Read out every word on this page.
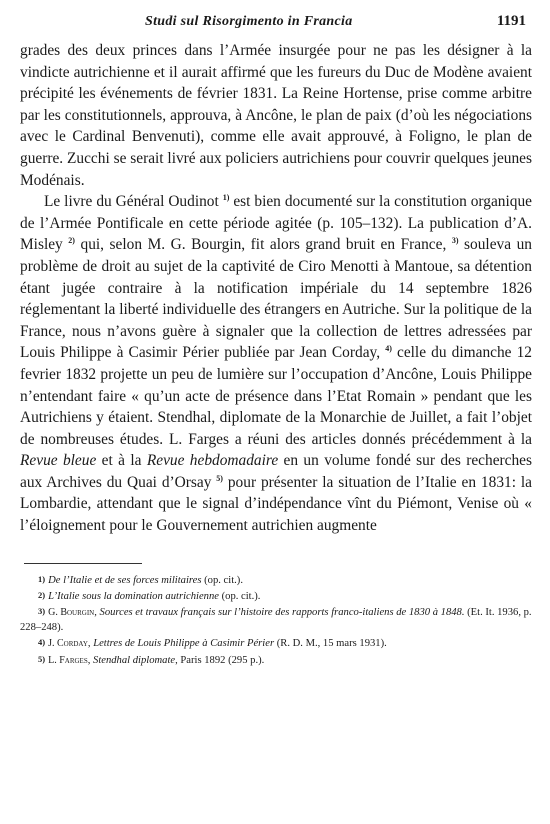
Studi sul Risorgimento in Francia	1191

grades des deux princes dans l’Armée insurgée pour ne pas les désigner à la vindicte autrichienne et il aurait affirmé que les fureurs du Duc de Modène avaient précipité les événements de février 1831. La Reine Hortense, prise comme arbitre par les constitutionnels, approuva, à Ancône, le plan de paix (d’où les négociations avec le Cardinal Benvenuti), comme elle avait approuvé, à Foligno, le plan de guerre. Zucchi se serait livré aux policiers autrichiens pour couvrir quelques jeunes Modénais.

Le livre du Général Oudinot $^{1)}$ est bien documenté sur la constitution organique de l’Armée Pontificale en cette période agitée (p. 105–132). La publication d’A. Misley $^{2)}$ qui, selon M. G. Bourgin, fit alors grand bruit en France, $^{3)}$ souleva un problème de droit au sujet de la captivité de Ciro Menotti à Mantoue, sa détention étant jugée contraire à la notification impériale du 14 septembre 1826 réglementant la liberté individuelle des étrangers en Autriche. Sur la politique de la France, nous n’avons guère à signaler que la collection de lettres adressées par Louis Philippe à Casimir Périer publiée par Jean Corday, $^{4)}$ celle du dimanche 12 fevrier 1832 projette un peu de lumière sur l’occupation d’Ancône, Louis Philippe n’entendant faire « qu’un acte de présence dans l’Etat Romain » pendant que les Autrichiens y étaient. Stendhal, diplomate de la Monarchie de Juillet, a fait l’objet de nombreuses études. L. Farges a réuni des articles donnés précédemment à la Revue bleue et à la Revue hebdomadaire en un volume fondé sur des recherches aux Archives du Quai d’Orsay $^{5)}$ pour présenter la situation de l’Italie en 1831: la Lombardie, attendant que le signal d’indépendance vînt du Piémont, Venise où « l’éloignement pour le Gouvernement autrichien augmente

1) De l’Italie et de ses forces militaires (op. cit.).

2) L’Italie sous la domination autrichienne (op. cit.).

3) G. Bourgin, Sources et travaux français sur l’histoire des rapports franco-italiens de 1830 à 1848. (Et. It. 1936, p. 228–248).

4) J. Corday, Lettres de Louis Philippe à Casimir Périer (R. D. M., 15 mars 1931).

5) L. Farges, Stendhal diplomate, Paris 1892 (295 p.).
